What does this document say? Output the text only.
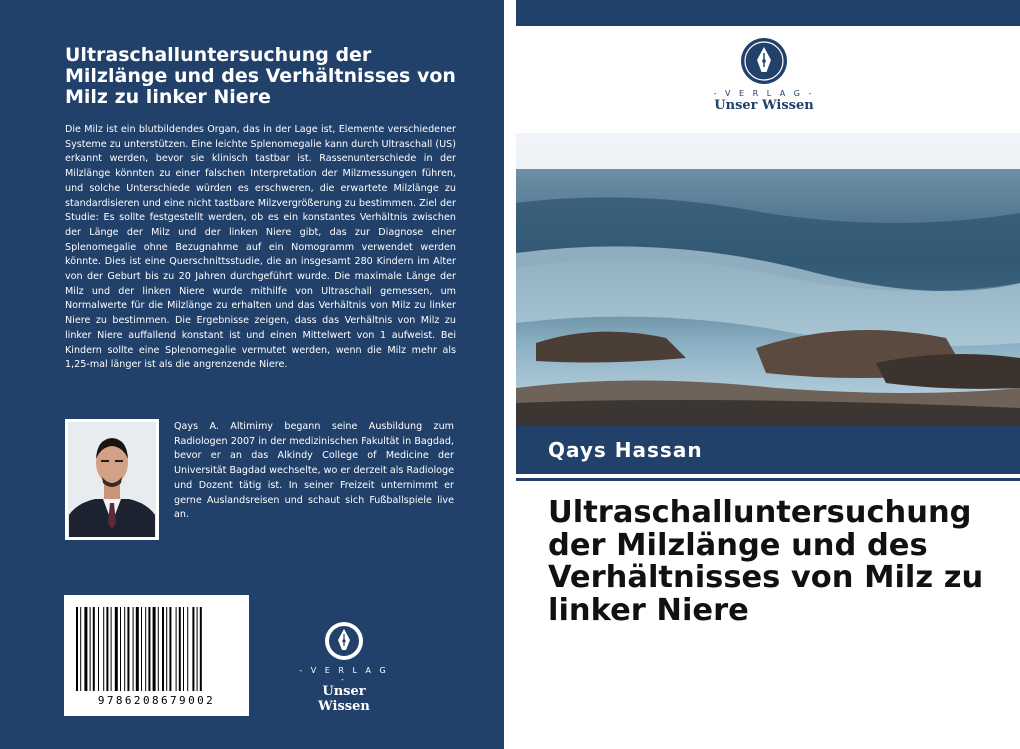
Ultraschalluntersuchung der Milzlänge und des Verhältnisses von Milz zu linker Niere

Die Milz ist ein blutbildendes Organ, das in der Lage ist, Elemente verschiedener Systeme zu unterstützen. Eine leichte Splenomegalie kann durch Ultraschall (US) erkannt werden, bevor sie klinisch tastbar ist. Rassenunterschiede in der Milzlänge könnten zu einer falschen Interpretation der Milzmessungen führen, und solche Unterschiede würden es erschweren, die erwartete Milzlänge zu standardisieren und eine nicht tastbare Milzvergrößerung zu bestimmen. Ziel der Studie: Es sollte festgestellt werden, ob es ein konstantes Verhältnis zwischen der Länge der Milz und der linken Niere gibt, das zur Diagnose einer Splenomegalie ohne Bezugnahme auf ein Nomogramm verwendet werden könnte. Dies ist eine Querschnittsstudie, die an insgesamt 280 Kindern im Alter von der Geburt bis zu 20 Jahren durchgeführt wurde. Die maximale Länge der Milz und der linken Niere wurde mithilfe von Ultraschall gemessen, um Normalwerte für die Milzlänge zu erhalten und das Verhältnis von Milz zu linker Niere zu bestimmen. Die Ergebnisse zeigen, dass das Verhältnis von Milz zu linker Niere auffallend konstant ist und einen Mittelwert von 1 aufweist. Bei Kindern sollte eine Splenomegalie vermutet werden, wenn die Milz mehr als 1,25-mal länger ist als die angrenzende Niere.

Qays A. Altimimy begann seine Ausbildung zum Radiologen 2007 in der medizinischen Fakultät in Bagdad, bevor er an das Alkindy College of Medicine der Universität Bagdad wechselte, wo er derzeit als Radiologe und Dozent tätig ist. In seiner Freizeit unternimmt er gerne Auslandsreisen und schaut sich Fußballspiele live an.

9786208679002
- V E R L A G -
Unser Wissen
- V E R L A G -
Unser Wissen
Qays Hassan
Ultraschalluntersuchung der Milzlänge und des Verhältnisses von Milz zu linker Niere
